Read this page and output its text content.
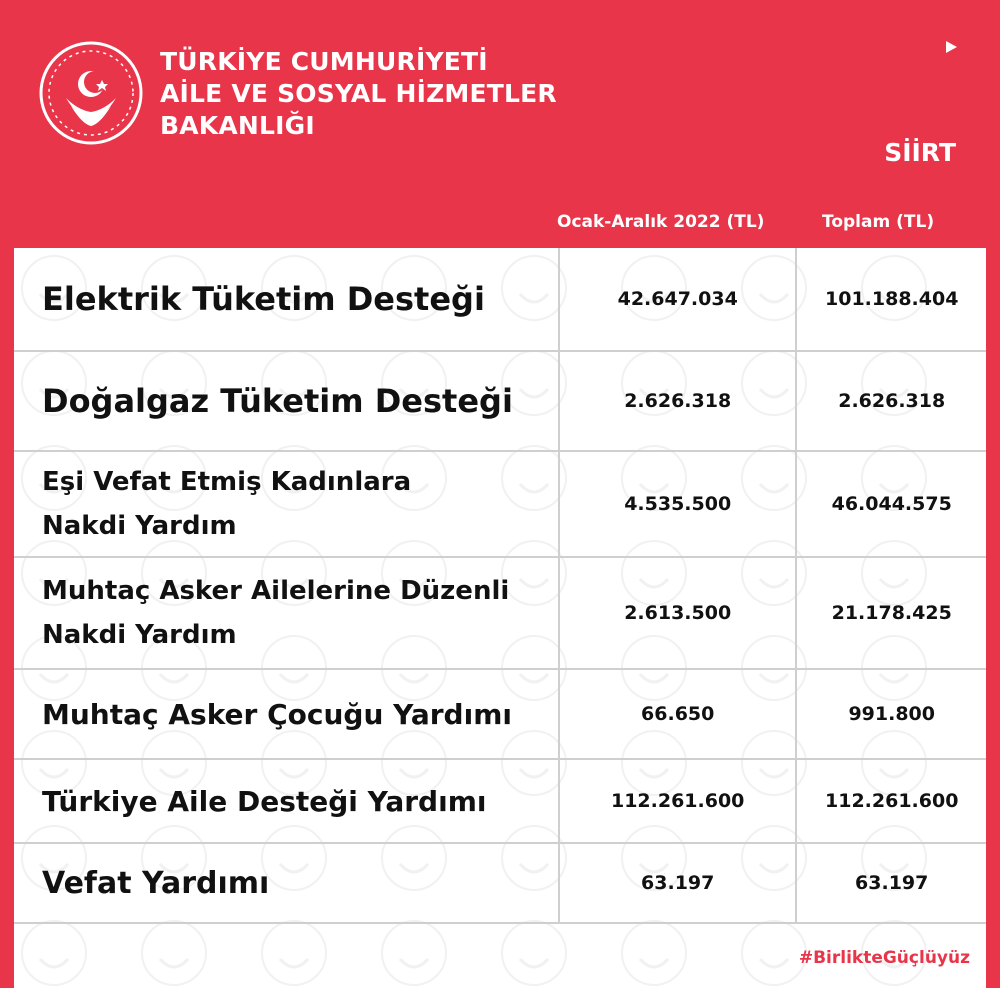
TÜRKİYE CUMHURİYETİ
AİLE VE SOSYAL HİZMETLER
BAKANLIĞI
SİİRT
Ocak-Aralık 2022 (TL)	Toplam (TL)
Elektrik Tüketim Desteği	42.647.034	101.188.404
Doğalgaz Tüketim Desteği	2.626.318	2.626.318

Eşi Vefat Etmiş Kadınlara
Nakdi Yardım	4.535.500	46.044.575

Muhtaç Asker Ailelerine Düzenli
Nakdi Yardım	2.613.500	21.178.425
Muhtaç Asker Çocuğu Yardımı	66.650	991.800
Türkiye Aile Desteği Yardımı	112.261.600	112.261.600
Vefat Yardımı	63.197	63.197
#BirlikteGüçlüyüz
